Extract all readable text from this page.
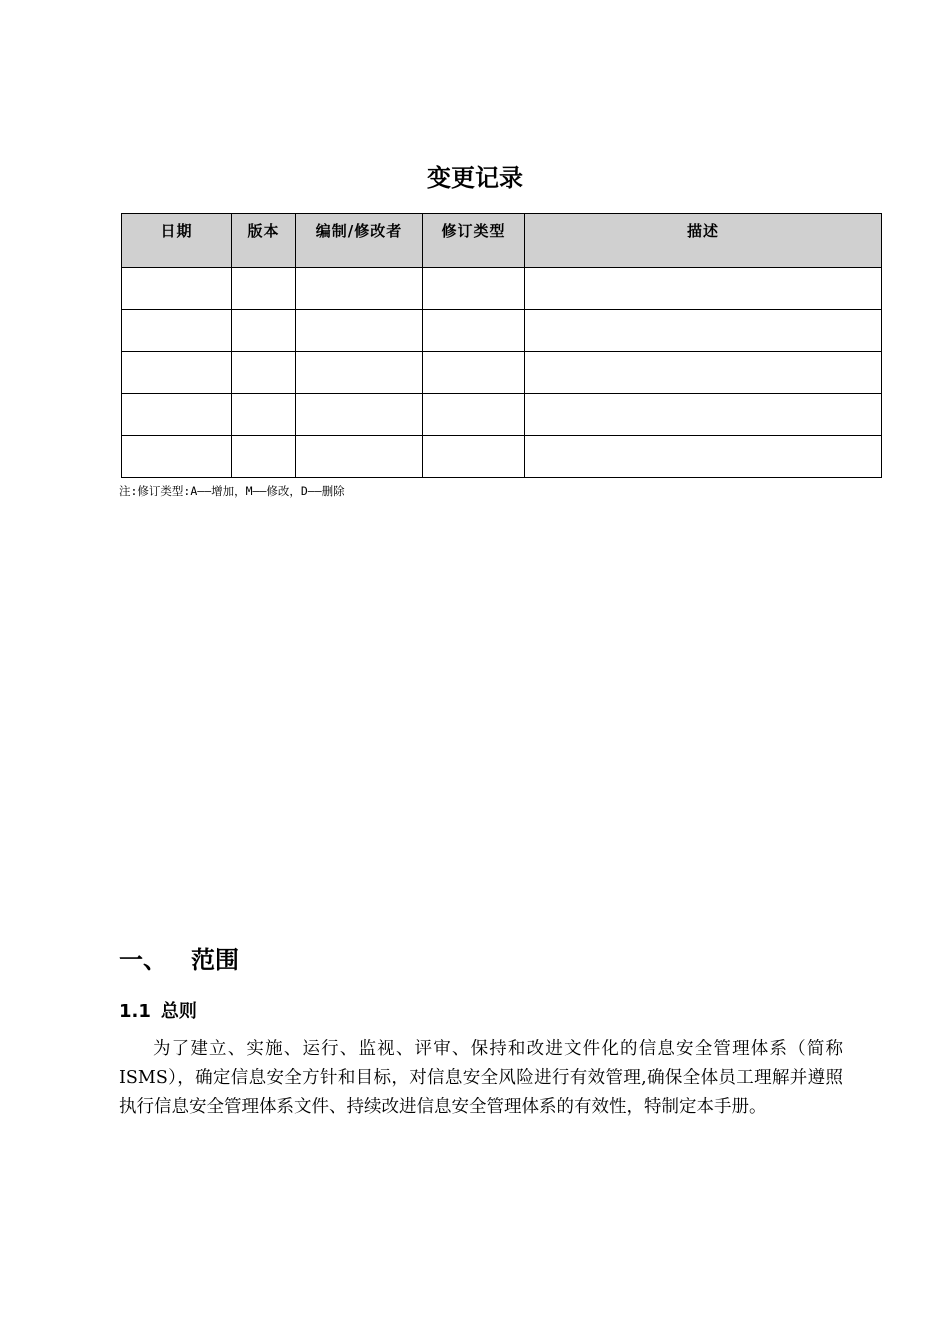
变更记录
日期	版本	编制/修改者	修订类型	描述

注:修订类型:A——增加，M——修改，D——删除
一、 范围
1.1 总则

为了建立、实施、运行、监视、评审、保持和改进文件化的信息安全管理体系（简称ISMS），确定信息安全方针和目标，对信息安全风险进行有效管理,确保全体员工理解并遵照执行信息安全管理体系文件、持续改进信息安全管理体系的有效性，特制定本手册。
